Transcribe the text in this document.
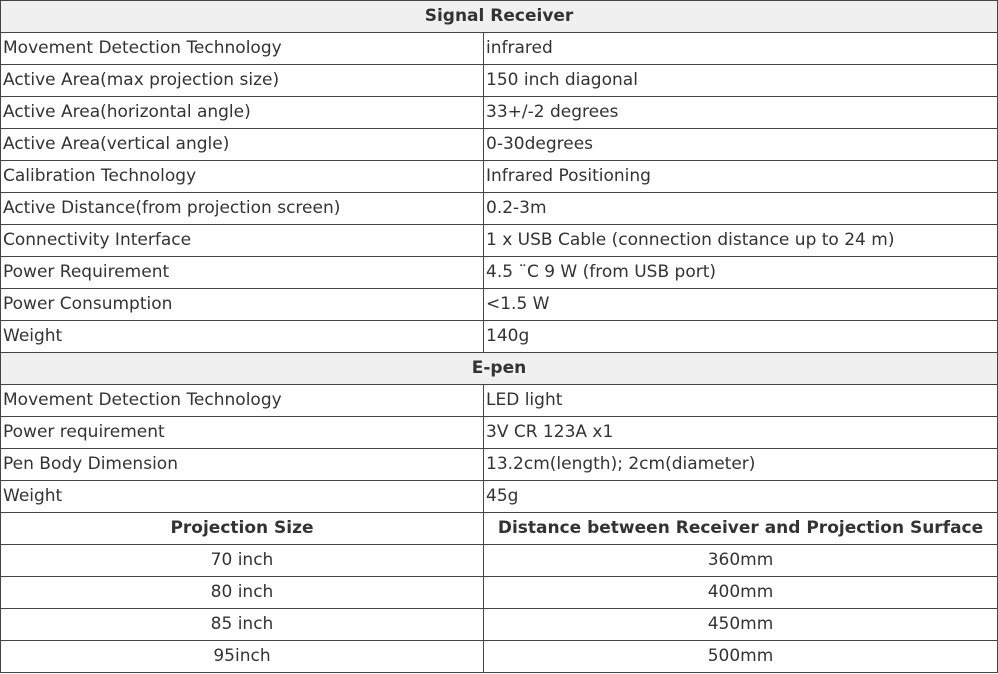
Signal Receiver	
Movement Detection Technology	infrared
Active Area(max projection size)	150 inch diagonal
Active Area(horizontal angle)	33+/-2 degrees
Active Area(vertical angle)	0-30degrees
Calibration Technology	Infrared Positioning
Active Distance(from projection screen)	0.2-3m
Connectivity Interface	1 x USB Cable (connection distance up to 24 m)
Power Requirement	4.5 ¨C 9 W (from USB port)
Power Consumption	<1.5 W
Weight	140g
E-pen	
Movement Detection Technology	LED light
Power requirement	3V CR 123A x1
Pen Body Dimension	13.2cm(length); 2cm(diameter)
Weight	45g
Projection Size	Distance between Receiver and Projection Surface
70 inch	360mm
80 inch	400mm
85 inch	450mm
95inch	500mm
